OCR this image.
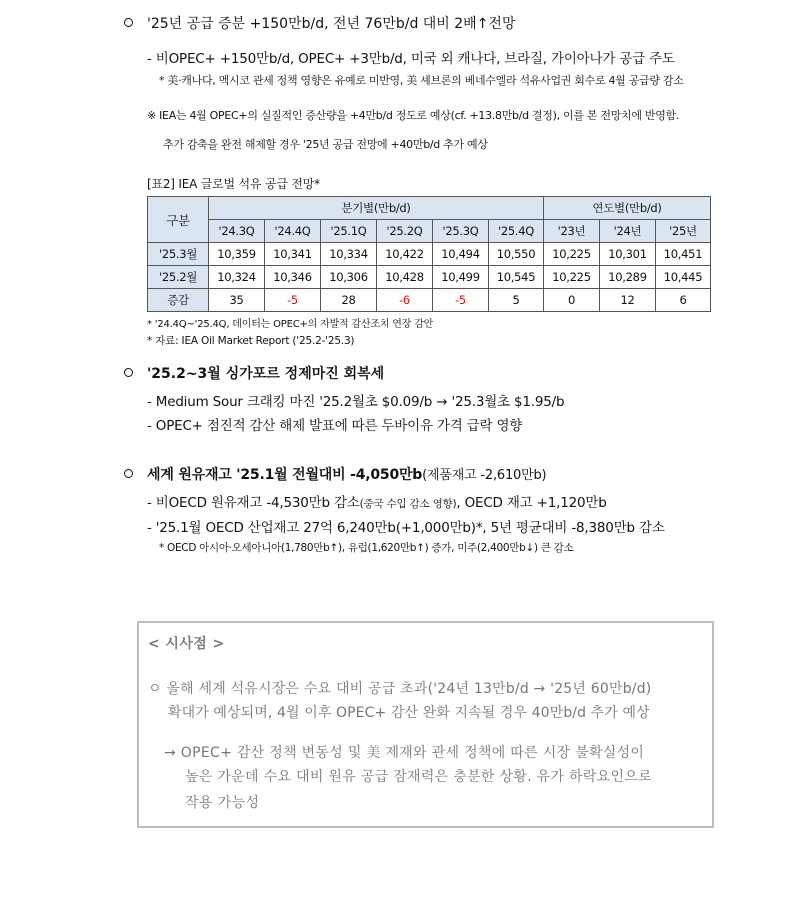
'25년 공급 증분 +150만b/d, 전년 76만b/d 대비 2배↑전망
- 비OPEC+ +150만b/d, OPEC+ +3만b/d, 미국 외 캐나다, 브라질, 가이아나가 공급 주도
* 美·캐나다, 멕시코 관세 정책 영향은 유예로 미반영, 美 셰브론의 베네수엘라 석유사업권 회수로 4월 공급량 감소
※ IEA는 4월 OPEC+의 실질적인 증산량을 +4만b/d 정도로 예상(cf. +13.8만b/d 결정), 이를 본 전망치에 반영함.
추가 감축을 완전 해제할 경우 '25년 공급 전망에 +40만b/d 추가 예상
[표2] IEA 글로벌 석유 공급 전망*
구분	분기별(만b/d)						연도별(만b/d)		
	'24.3Q	'24.4Q	'25.1Q	'25.2Q	'25.3Q	'25.4Q	'23년	'24년	'25년
'25.3월	10,359	10,341	10,334	10,422	10,494	10,550	10,225	10,301	10,451
'25.2월	10,324	10,346	10,306	10,428	10,499	10,545	10,225	10,289	10,445
증감	35	-5	28	-6	-5	5	0	12	6
* '24.4Q~'25.4Q, 데이터는 OPEC+의 자발적 감산조치 연장 감안
* 자료: IEA Oil Market Report ('25.2-'25.3)
'25.2~3월 싱가포르 정제마진 회복세
- Medium Sour 크래킹 마진 '25.2월초 $0.09/b → '25.3월초 $1.95/b
- OPEC+ 점진적 감산 해제 발표에 따른 두바이유 가격 급락 영향
세계 원유재고 '25.1월 전월대비 -4,050만b(제품재고 -2,610만b)
- 비OECD 원유재고 -4,530만b 감소(중국 수입 감소 영향), OECD 재고 +1,120만b
- '25.1월 OECD 산업재고 27억 6,240만b(+1,000만b)*, 5년 평균대비 -8,380만b 감소
* OECD 아시아·오세아니아(1,780만b↑), 유럽(1,620만b↑) 증가, 미주(2,400만b↓) 큰 감소
< 시사점 >
ㅇ 올해 세계 석유시장은 수요 대비 공급 초과('24년 13만b/d → '25년 60만b/d)
확대가 예상되며, 4월 이후 OPEC+ 감산 완화 지속될 경우 40만b/d 추가 예상
→ OPEC+ 감산 정책 변동성 및 美 제재와 관세 정책에 따른 시장 불확실성이
높은 가운데 수요 대비 원유 공급 잠재력은 충분한 상황. 유가 하락요인으로
작용 가능성
